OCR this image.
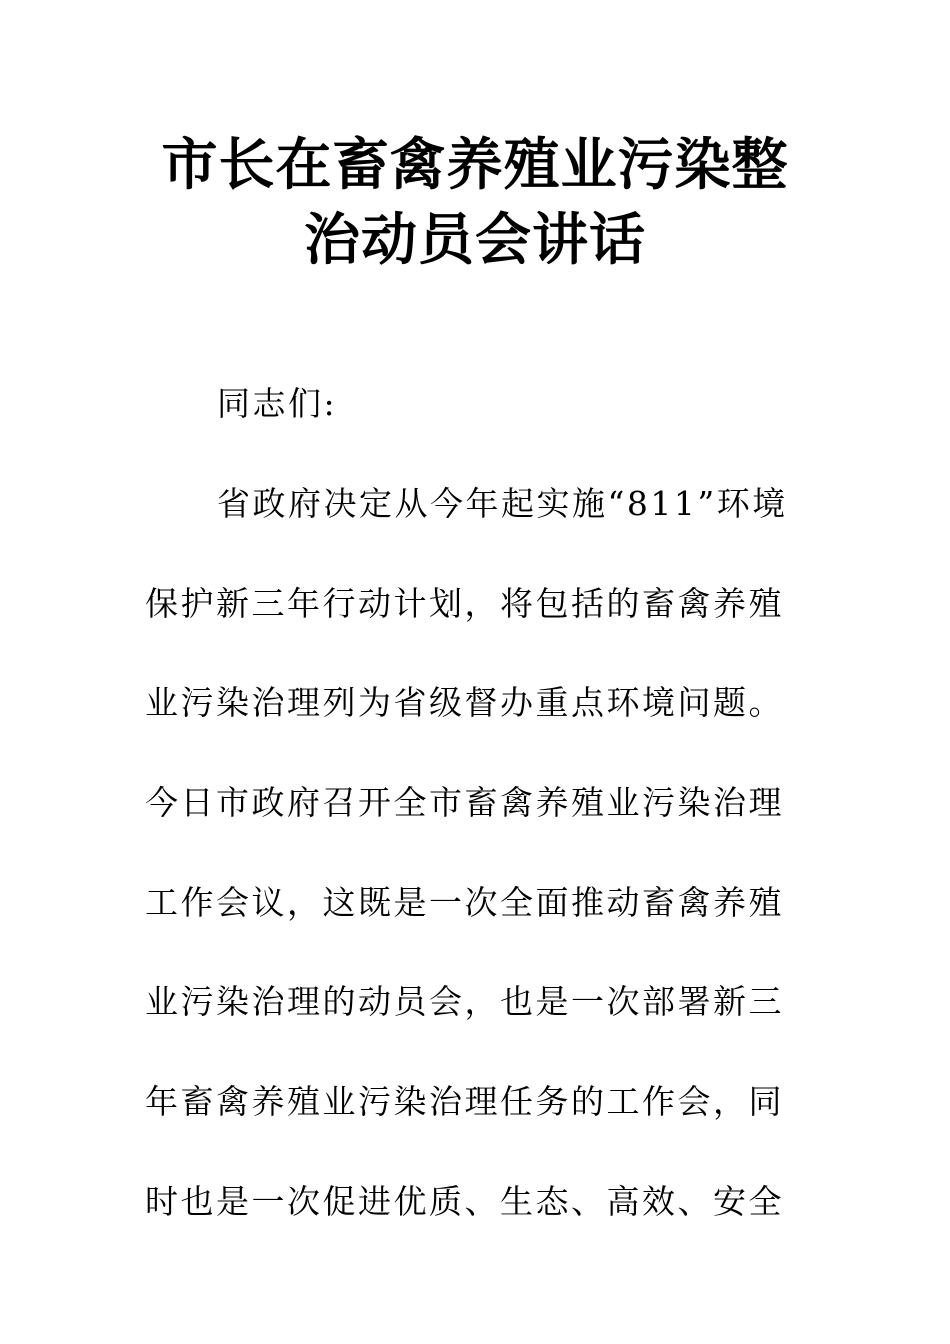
市长在畜禽养殖业污染整
治动员会讲话
同志们:
省政府决定从今年起实施“811”环境
保护新三年行动计划，将包括的畜禽养殖
业污染治理列为省级督办重点环境问题。
今日市政府召开全市畜禽养殖业污染治理
工作会议，这既是一次全面推动畜禽养殖
业污染治理的动员会，也是一次部署新三
年畜禽养殖业污染治理任务的工作会，同
时也是一次促进优质、生态、高效、安全
